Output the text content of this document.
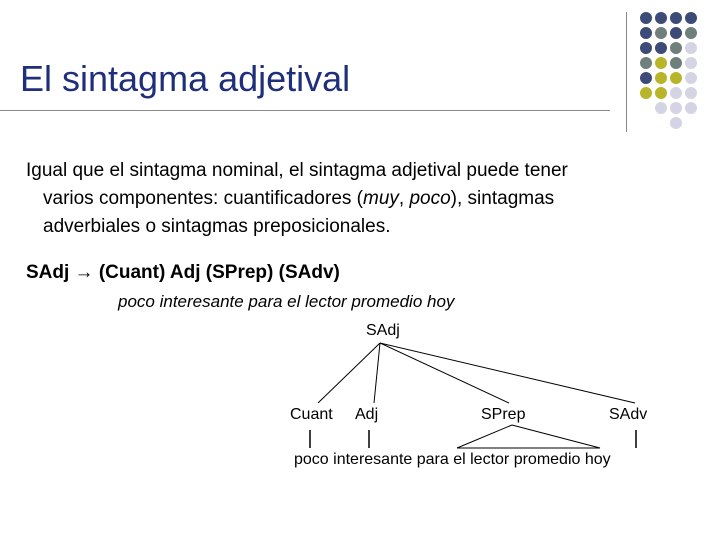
El sintagma adjetival
Igual que el sintagma nominal, el sintagma adjetival puede tener
varios componentes: cuantificadores (muy, poco), sintagmas
adverbiales o sintagmas preposicionales.
SAdj → (Cuant) Adj (SPrep) (SAdv)
poco interesante para el lector promedio hoy
SAdj
Cuant Adj	SPrep	SAdv
poco interesante para el lector promedio hoy
